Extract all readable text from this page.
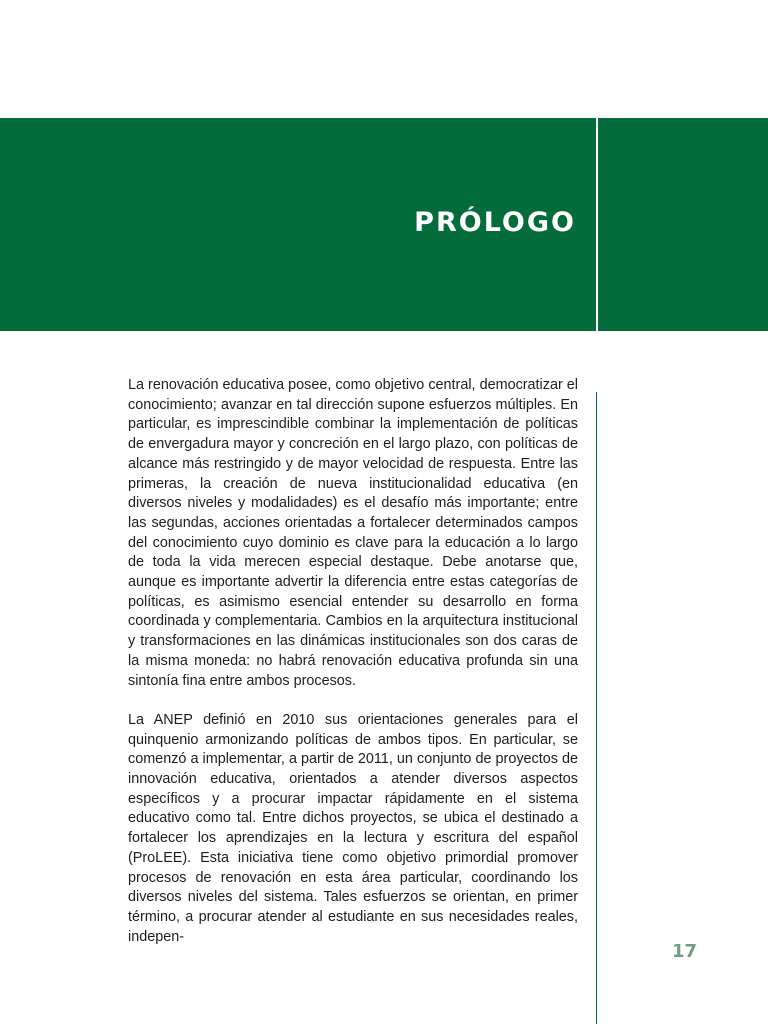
PRÓLOGO

La renovación educativa posee, como objetivo central, democratizar el conocimiento; avanzar en tal dirección supone esfuerzos múltiples. En particular, es imprescindible combinar la implementación de políticas de envergadura mayor y concreción en el largo plazo, con políticas de alcance más restringido y de mayor velocidad de respuesta. Entre las primeras, la creación de nueva institucionalidad educativa (en diversos niveles y modalidades) es el desafío más importante; entre las segundas, acciones orientadas a fortalecer determinados campos del conocimiento cuyo dominio es clave para la educación a lo largo de toda la vida merecen especial destaque. Debe anotarse que, aunque es importante advertir la diferencia entre estas categorías de políticas, es asimismo esencial entender su desarrollo en forma coordinada y complementaria. Cambios en la arquitectura institucional y transformaciones en las dinámicas institucionales son dos caras de la misma moneda: no habrá renovación educativa profunda sin una sintonía fina entre ambos procesos.

La ANEP definió en 2010 sus orientaciones generales para el quinquenio armonizando políticas de ambos tipos. En particular, se comenzó a implementar, a partir de 2011, un conjunto de proyectos de innovación educativa, orientados a atender diversos aspectos específicos y a procurar impactar rápidamente en el sistema educativo como tal. Entre dichos proyectos, se ubica el destinado a fortalecer los aprendizajes en la lectura y escritura del español (ProLEE). Esta iniciativa tiene como objetivo primordial promover procesos de renovación en esta área particular, coordinando los diversos niveles del sistema. Tales esfuerzos se orientan, en primer término, a procurar atender al estudiante en sus necesidades reales, indepen-

17
